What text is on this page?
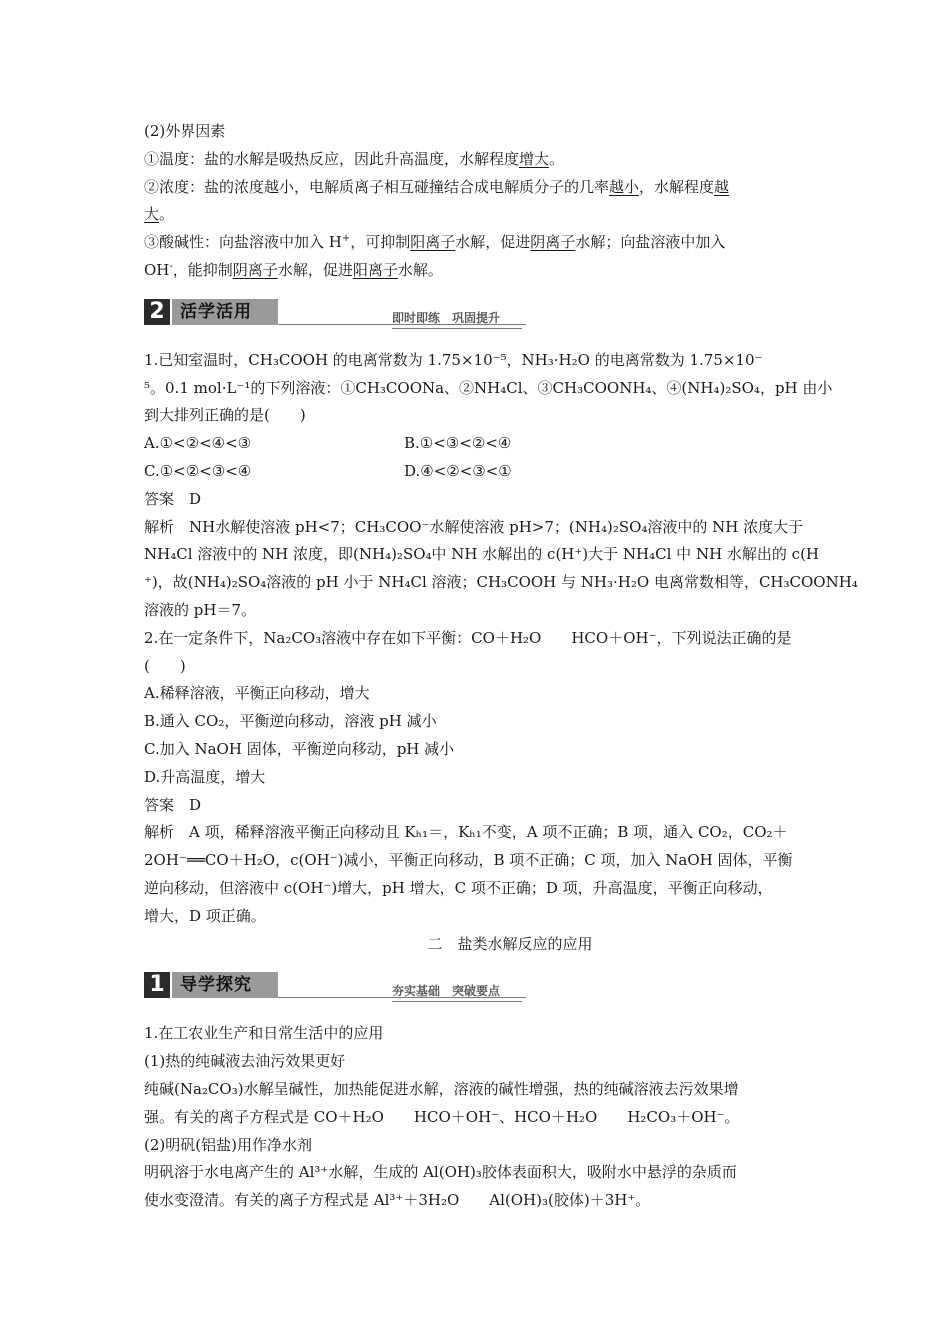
(2)外界因素
①温度：盐的水解是吸热反应，因此升高温度，水解程度增大。
②浓度：盐的浓度越小，电解质离子相互碰撞结合成电解质分子的几率越小，水解程度越
大。
③酸碱性：向盐溶液中加入 H+，可抑制阳离子水解，促进阴离子水解；向盐溶液中加入
OH-，能抑制阴离子水解，促进阳离子水解。
2 活学活用	即时即练　巩固提升
1.已知室温时，CH₃COOH 的电离常数为 1.75×10⁻⁵，NH₃·H₂O 的电离常数为 1.75×10⁻
⁵。0.1 mol·L⁻¹的下列溶液：①CH₃COONa、②NH₄Cl、③CH₃COONH₄、④(NH₄)₂SO₄，pH 由小
到大排列正确的是(　　)
A.①<②<④<③	B.①<③<②<④
C.①<②<③<④	D.④<②<③<①
答案　D
解析　NH水解使溶液 pH<7；CH₃COO⁻水解使溶液 pH>7；(NH₄)₂SO₄溶液中的 NH 浓度大于
NH₄Cl 溶液中的 NH 浓度，即(NH₄)₂SO₄中 NH 水解出的 c(H⁺)大于 NH₄Cl 中 NH 水解出的 c(H
⁺)，故(NH₄)₂SO₄溶液的 pH 小于 NH₄Cl 溶液；CH₃COOH 与 NH₃·H₂O 电离常数相等，CH₃COONH₄
溶液的 pH＝7。
2.在一定条件下，Na₂CO₃溶液中存在如下平衡：CO＋H₂O　　HCO＋OH⁻，下列说法正确的是
(　　)
A.稀释溶液，平衡正向移动，增大
B.通入 CO₂，平衡逆向移动，溶液 pH 减小
C.加入 NaOH 固体，平衡逆向移动，pH 减小
D.升高温度，增大
答案　D
解析　A 项，稀释溶液平衡正向移动且 Kₕ₁＝，Kₕ₁不变，A 项不正确；B 项，通入 CO₂，CO₂＋
2OH⁻══CO＋H₂O，c(OH⁻)减小，平衡正向移动，B 项不正确；C 项，加入 NaOH 固体，平衡
逆向移动，但溶液中 c(OH⁻)增大，pH 增大，C 项不正确；D 项，升高温度，平衡正向移动，
增大，D 项正确。
二　盐类水解反应的应用
1 导学探究	夯实基础　突破要点
1.在工农业生产和日常生活中的应用
(1)热的纯碱液去油污效果更好
纯碱(Na₂CO₃)水解呈碱性，加热能促进水解，溶液的碱性增强，热的纯碱溶液去污效果增
强。有关的离子方程式是 CO＋H₂O　　HCO＋OH⁻、HCO＋H₂O　　H₂CO₃＋OH⁻。
(2)明矾(铝盐)用作净水剂
明矾溶于水电离产生的 Al³⁺水解，生成的 Al(OH)₃胶体表面积大，吸附水中悬浮的杂质而
使水变澄清。有关的离子方程式是 Al³⁺＋3H₂O　　Al(OH)₃(胶体)＋3H⁺。
